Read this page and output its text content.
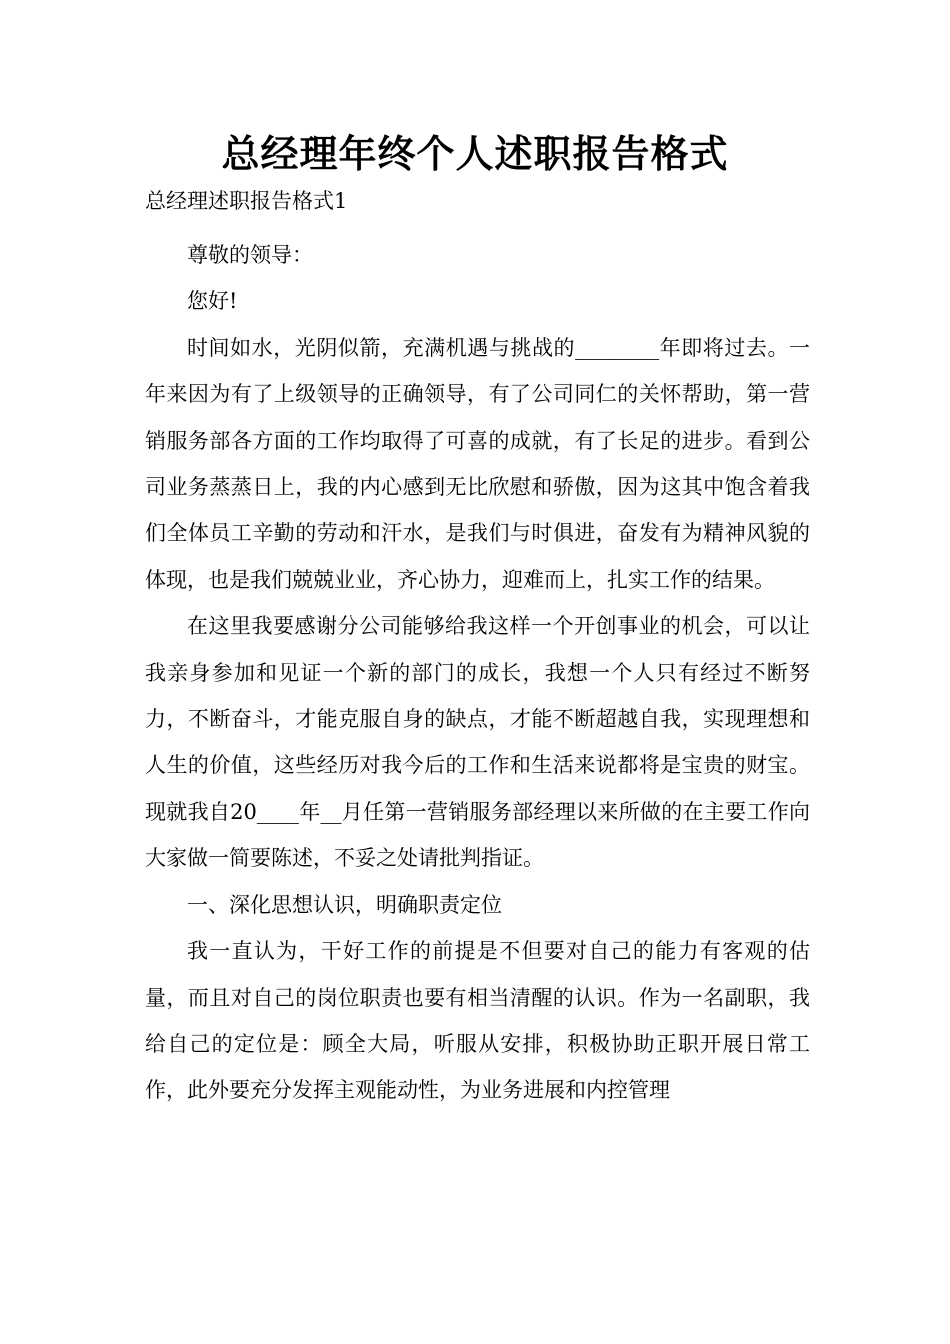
总经理年终个人述职报告格式
总经理述职报告格式1

尊敬的领导：

您好!

时间如水，光阴似箭，充满机遇与挑战的________年即将过去。一年来因为有了上级领导的正确领导，有了公司同仁的关怀帮助，第一营销服务部各方面的工作均取得了可喜的成就，有了长足的进步。看到公司业务蒸蒸日上，我的内心感到无比欣慰和骄傲，因为这其中饱含着我们全体员工辛勤的劳动和汗水，是我们与时俱进，奋发有为精神风貌的体现，也是我们兢兢业业，齐心协力，迎难而上，扎实工作的结果。

在这里我要感谢分公司能够给我这样一个开创事业的机会，可以让我亲身参加和见证一个新的部门的成长，我想一个人只有经过不断努力，不断奋斗，才能克服自身的缺点，才能不断超越自我，实现理想和人生的价值，这些经历对我今后的工作和生活来说都将是宝贵的财宝。现就我自20____年__月任第一营销服务部经理以来所做的在主要工作向大家做一简要陈述，不妥之处请批判指证。

一、深化思想认识，明确职责定位

我一直认为，干好工作的前提是不但要对自己的能力有客观的估量，而且对自己的岗位职责也要有相当清醒的认识。作为一名副职，我给自己的定位是：顾全大局，听服从安排，积极协助正职开展日常工作，此外要充分发挥主观能动性，为业务进展和内控管理
